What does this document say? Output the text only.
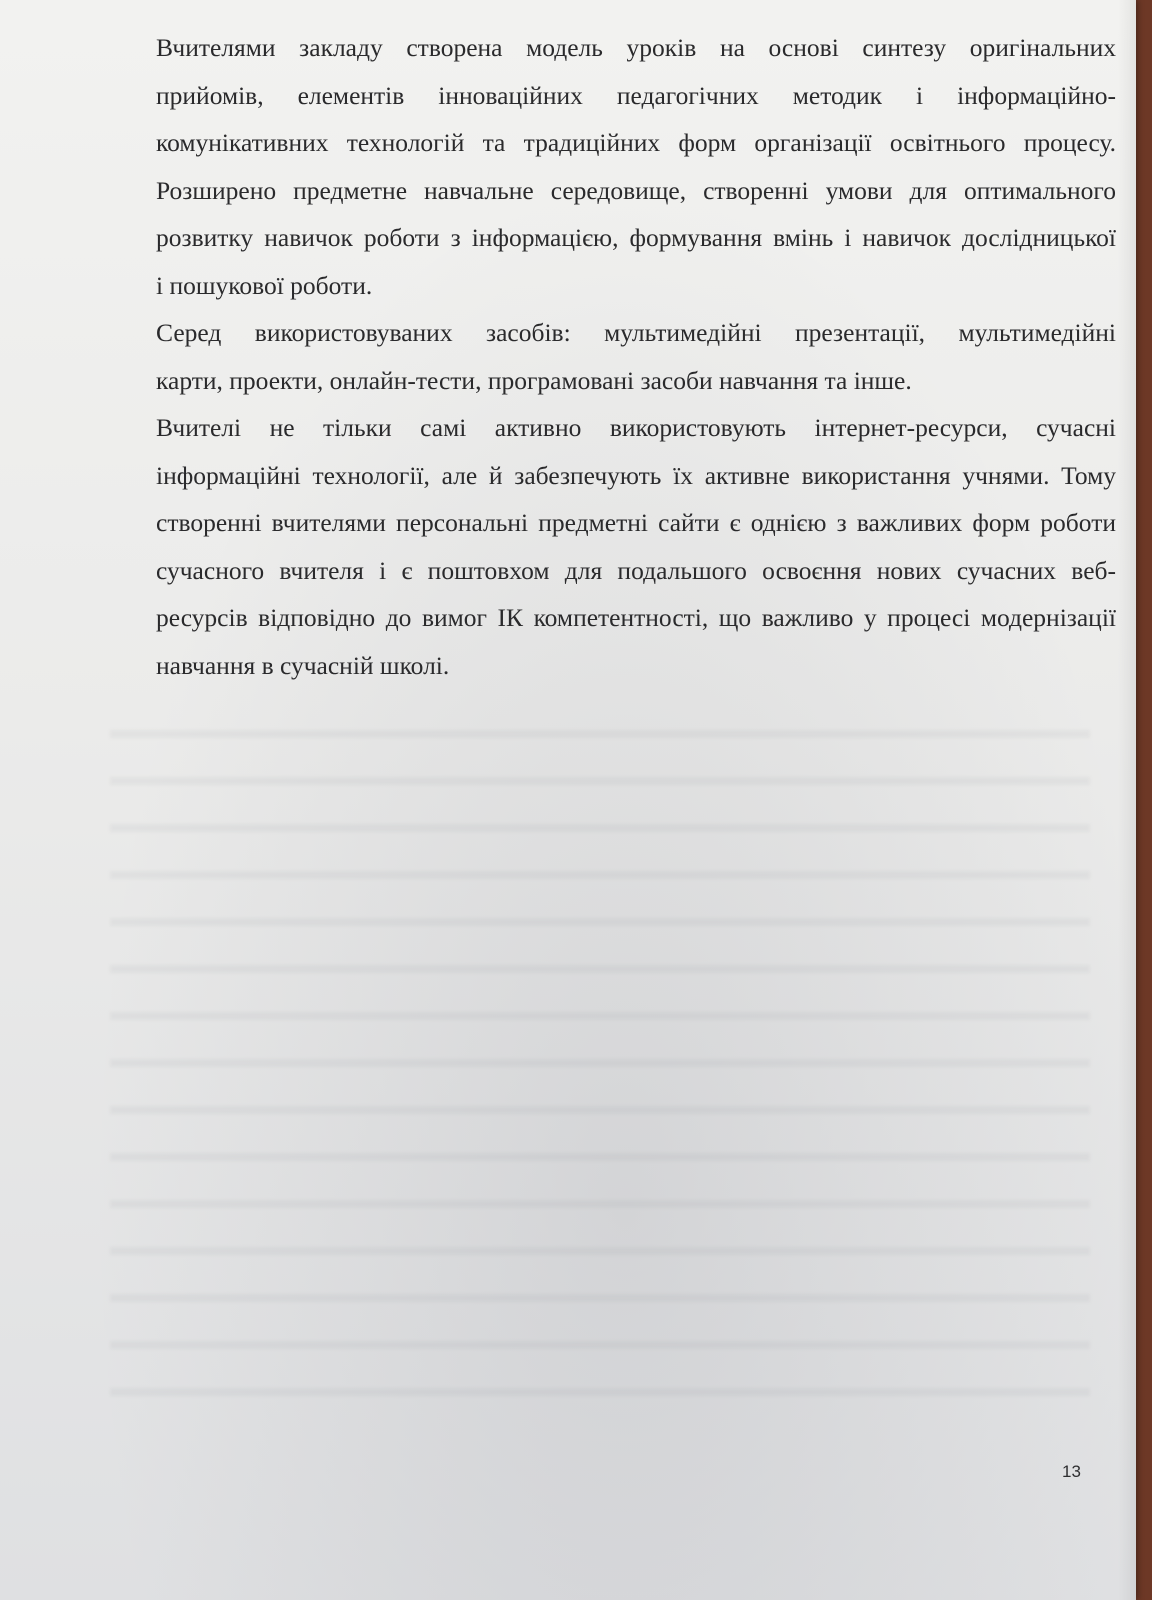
Вчителями закладу створена модель уроків на основі синтезу оригінальних
прийомів, елементів інноваційних педагогічних методик і інформаційно-
комунікативних технологій та традиційних форм організації освітнього процесу.
Розширено предметне навчальне середовище, створенні умови для оптимального
розвитку навичок роботи з інформацією, формування вмінь і навичок дослідницької
і пошукової роботи.

Серед використовуваних засобів: мультимедійні презентації, мультимедійні
карти, проекти, онлайн-тести, програмовані засоби навчання та інше.

Вчителі не тільки самі активно використовують інтернет-ресурси, сучасні
інформаційні технології, але й забезпечують їх активне використання учнями. Тому
створенні вчителями персональні предметні сайти є однією з важливих форм роботи
сучасного вчителя і є поштовхом для подальшого освоєння нових сучасних веб-
ресурсів відповідно до вимог ІК компетентності, що важливо у процесі модернізації
навчання в сучасній школі.

13
